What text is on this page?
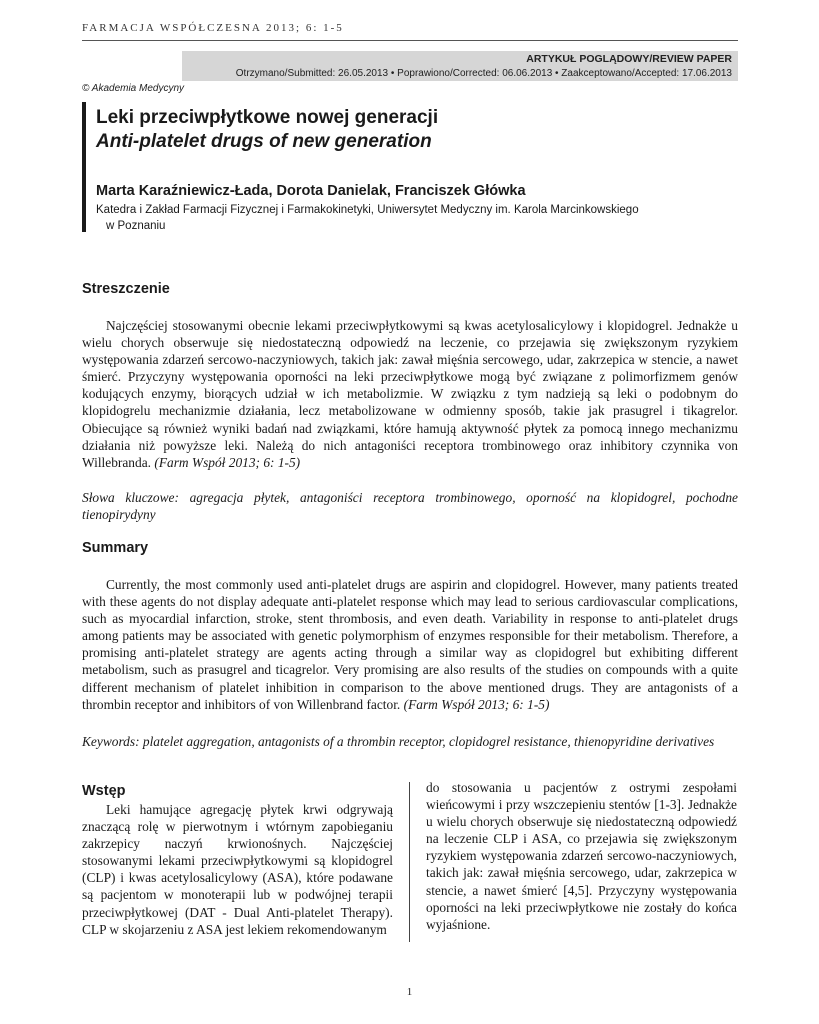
FARMACJA WSPÓŁCZESNA 2013; 6: 1-5
ARTYKUŁ POGLĄDOWY/REVIEW PAPER
Otrzymano/Submitted: 26.05.2013 • Poprawiono/Corrected: 06.06.2013 • Zaakceptowano/Accepted: 17.06.2013
© Akademia Medycyny
Leki przeciwpłytkowe nowej generacji
Anti-platelet drugs of new generation
Marta Karaźniewicz-Łada, Dorota Danielak, Franciszek Główka
Katedra i Zakład Farmacji Fizycznej i Farmakokinetyki, Uniwersytet Medyczny im. Karola Marcinkowskiego
w Poznaniu
Streszczenie

Najczęściej stosowanymi obecnie lekami przeciwpłytkowymi są kwas acetylosalicylowy i klopidogrel. Jednakże u wielu chorych obserwuje się niedostateczną odpowiedź na leczenie, co przejawia się zwiększonym ryzykiem występowania zdarzeń sercowo-naczyniowych, takich jak: zawał mięśnia sercowego, udar, zakrzepica w stencie, a nawet śmierć. Przyczyny występowania oporności na leki przeciwpłytkowe mogą być związane z polimorfizmem genów kodujących enzymy, biorących udział w ich metabolizmie. W związku z tym nadzieją są leki o podobnym do klopidogrelu mechanizmie działania, lecz metabolizowane w odmienny sposób, takie jak prasugrel i tikagrelor. Obiecujące są również wyniki badań nad związkami, które hamują aktywność płytek za pomocą innego mechanizmu działania niż powyższe leki. Należą do nich antagoniści receptora trombinowego oraz inhibitory czynnika von Willebranda. (Farm Współ 2013; 6: 1-5)

Słowa kluczowe: agregacja płytek, antagoniści receptora trombinowego, oporność na klopidogrel, pochodne tienopirydyny

Summary

Currently, the most commonly used anti-platelet drugs are aspirin and clopidogrel. However, many patients treated with these agents do not display adequate anti-platelet response which may lead to serious cardiovascular complications, such as myocardial infarction, stroke, stent thrombosis, and even death. Variability in response to anti-platelet drugs among patients may be associated with genetic polymorphism of enzymes responsible for their metabolism. Therefore, a promising anti-platelet strategy are agents acting through a similar way as clopidogrel but exhibiting different metabolism, such as prasugrel and ticagrelor. Very promising are also results of the studies on compounds with a quite different mechanism of platelet inhibition in comparison to the above mentioned drugs. They are antagonists of a thrombin receptor and inhibitors of von Willenbrand factor. (Farm Współ 2013; 6: 1-5)

Keywords: platelet aggregation, antagonists of a thrombin receptor, clopidogrel resistance, thienopyridine derivatives

Wstęp

Leki hamujące agregację płytek krwi odgrywają znaczącą rolę w pierwotnym i wtórnym zapobieganiu zakrzepicy naczyń krwionośnych. Najczęściej stosowanymi lekami przeciwpłytkowymi są klopidogrel (CLP) i kwas acetylosalicylowy (ASA), które podawane są pacjentom w monoterapii lub w podwójnej terapii przeciwpłytkowej (DAT - Dual Anti-platelet Therapy). CLP w skojarzeniu z ASA jest lekiem rekomendowanym

do stosowania u pacjentów z ostrymi zespołami wieńcowymi i przy wszczepieniu stentów [1-3]. Jednakże u wielu chorych obserwuje się niedostateczną odpowiedź na leczenie CLP i ASA, co przejawia się zwiększonym ryzykiem występowania zdarzeń sercowo-naczyniowych, takich jak: zawał mięśnia sercowego, udar, zakrzepica w stencie, a nawet śmierć [4,5]. Przyczyny występowania oporności na leki przeciwpłytkowe nie zostały do końca wyjaśnione.

1
